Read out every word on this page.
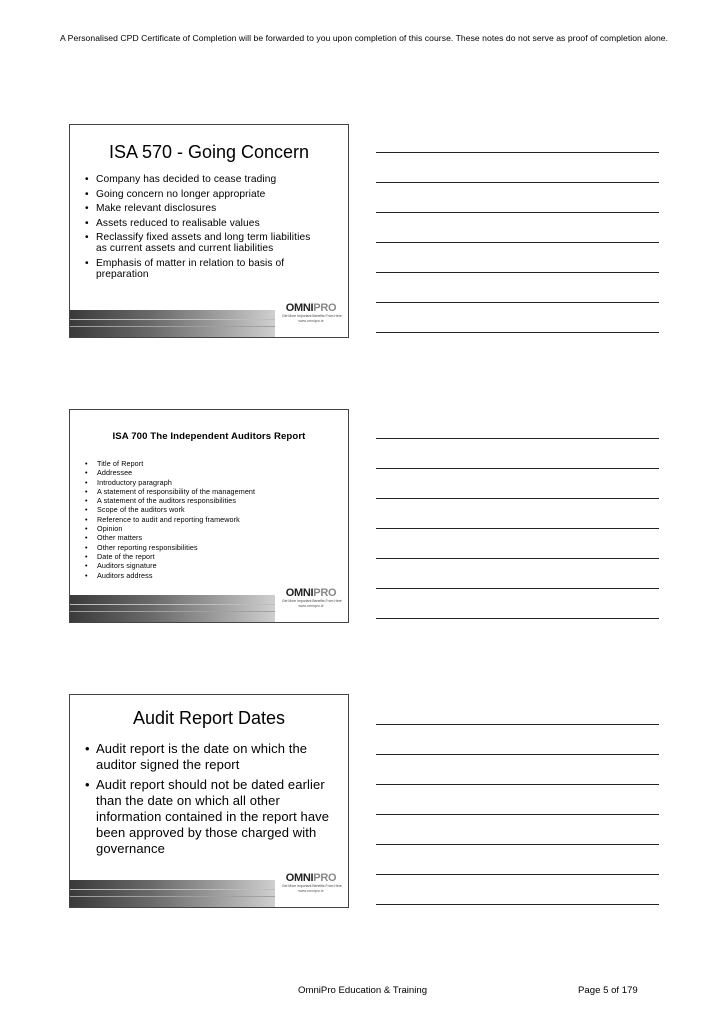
A Personalised CPD Certificate of Completion will be forwarded to you upon completion of this course. These notes do not serve as proof of completion alone.
ISA 570 - Going Concern
• Company has decided to cease trading
• Going concern no longer appropriate
• Make relevant disclosures
• Assets reduced to realisable values
• Reclassify fixed assets and long term liabilities
as current assets and current liabilities
• Emphasis of matter in relation to basis of
preparation
OMNIPRO
Get More Important Benefits From Here
www.omnipro.ie
ISA 700 The Independent Auditors Report
• Title of Report
• Addressee
• Introductory paragraph
• A statement of responsibility of the management
• A statement of the auditors responsibilities
• Scope of the auditors work
• Reference to audit and reporting framework
• Opinion
• Other matters
• Other reporting responsibilities
• Date of the report
• Auditors signature
• Auditors address
OMNIPRO
Get More Important Benefits From Here
www.omnipro.ie
Audit Report Dates
• Audit report is the date on which the
auditor signed the report
• Audit report should not be dated earlier
than the date on which all other
information contained in the report have
been approved by those charged with
governance
OMNIPRO
Get More Important Benefits From Here
www.omnipro.ie
OmniPro Education & Training	Page 5 of 179
